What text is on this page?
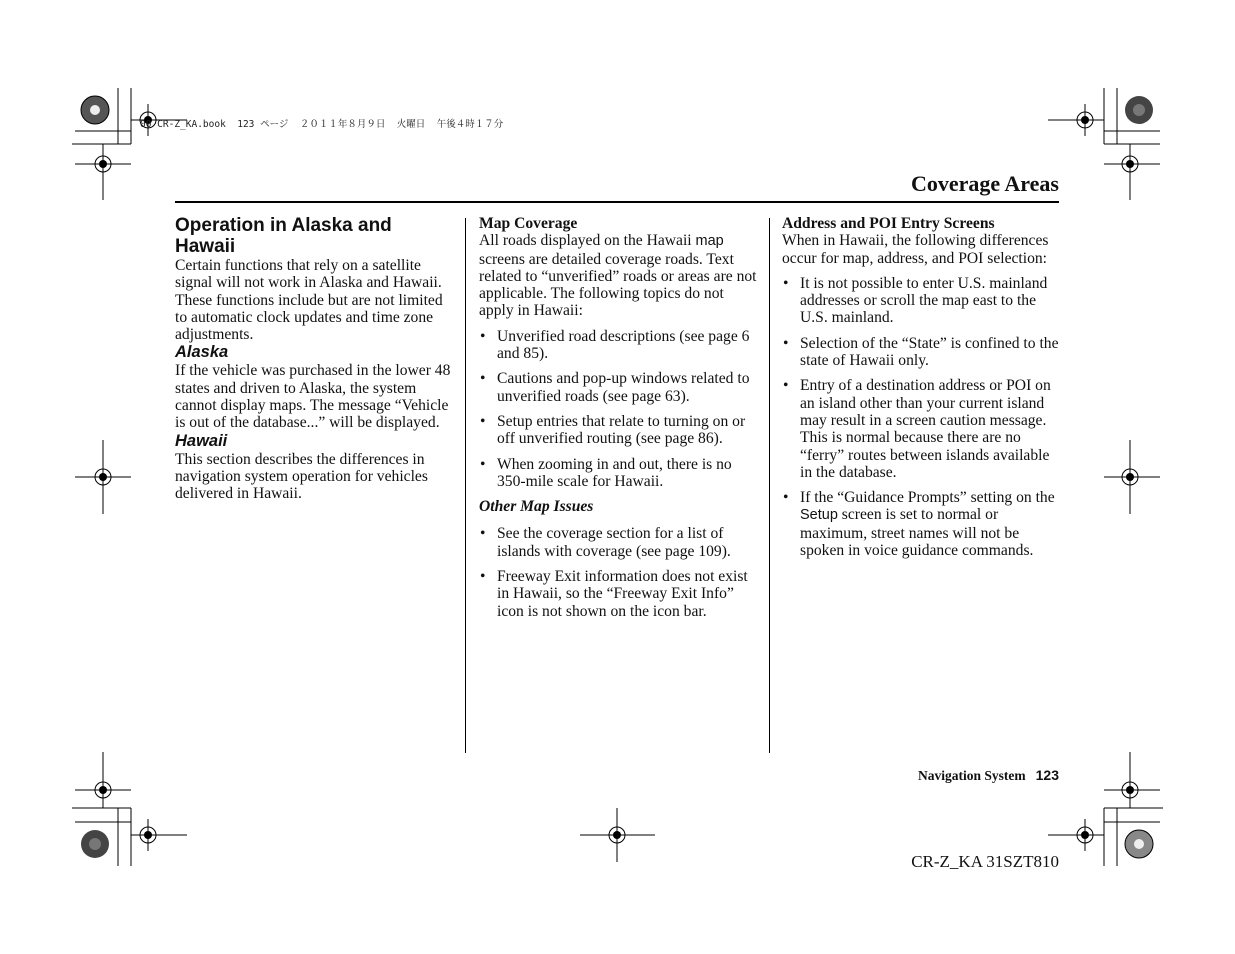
00 CR-Z_KA.book  123 ページ  ２０１１年８月９日  火曜日  午後４時１７分
Coverage Areas

Operation in Alaska and Hawaii

Certain functions that rely on a satellite signal will not work in Alaska and Hawaii. These functions include but are not limited to automatic clock updates and time zone adjustments.

Alaska

If the vehicle was purchased in the lower 48 states and driven to Alaska, the system cannot display maps. The message “Vehicle is out of the database...” will be displayed.

Hawaii

This section describes the differences in navigation system operation for vehicles delivered in Hawaii.

Map Coverage

All roads displayed on the Hawaii map screens are detailed coverage roads. Text related to “unverified” roads or areas are not applicable. The following topics do not apply in Hawaii:

• Unverified road descriptions (see page 6 and 85).
• Cautions and pop-up windows related to unverified roads (see page 63).
• Setup entries that relate to turning on or off unverified routing (see page 86).
• When zooming in and out, there is no 350-mile scale for Hawaii.

Other Map Issues

• See the coverage section for a list of islands with coverage (see page 109).
• Freeway Exit information does not exist in Hawaii, so the “Freeway Exit Info” icon is not shown on the icon bar.

Address and POI Entry Screens

When in Hawaii, the following differences occur for map, address, and POI selection:

• It is not possible to enter U.S. mainland addresses or scroll the map east to the U.S. mainland.
• Selection of the “State” is confined to the state of Hawaii only.
• Entry of a destination address or POI on an island other than your current island may result in a screen caution message. This is normal because there are no “ferry” routes between islands available in the database.
• If the “Guidance Prompts” setting on the Setup screen is set to normal or maximum, street names will not be spoken in voice guidance commands.
Navigation System 123
CR-Z_KA 31SZT810
